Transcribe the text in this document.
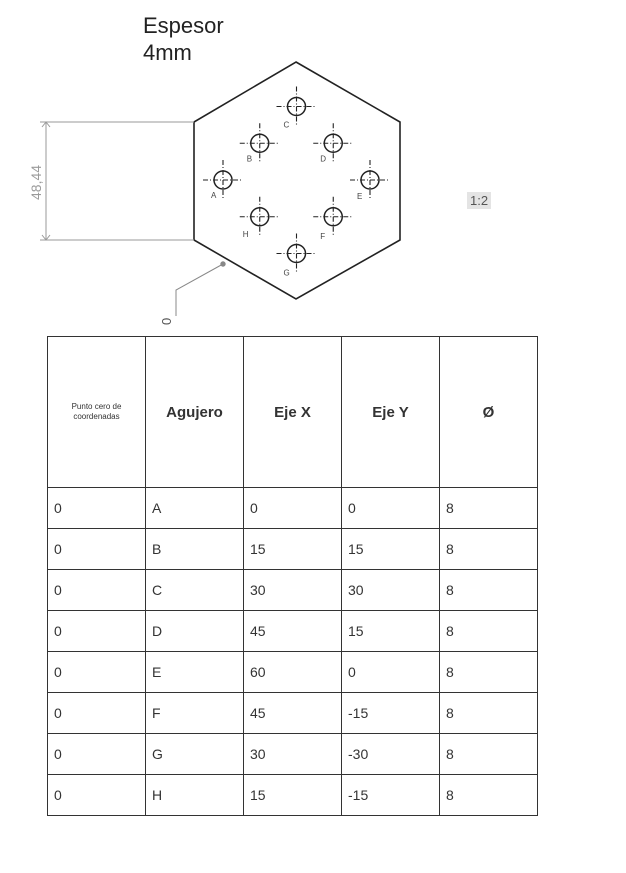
Espesor
4mm
48,44
0
A
B
C
D
E
F
G
H
1:2
Punto cero de coordenadas	Agujero	Eje X	Eje Y	Ø
0	A	0	0	8
0	B	15	15	8
0	C	30	30	8
0	D	45	15	8
0	E	60	0	8
0	F	45	-15	8
0	G	30	-30	8
0	H	15	-15	8
